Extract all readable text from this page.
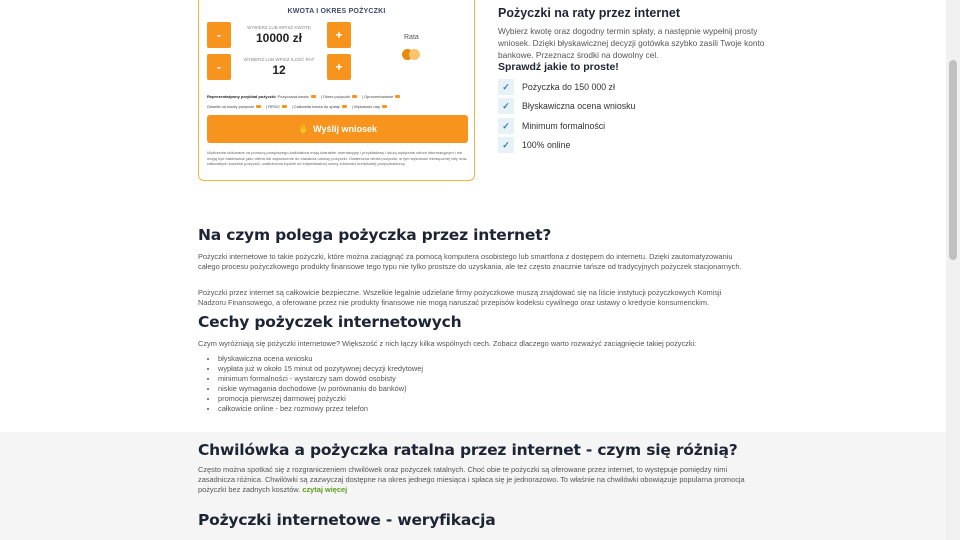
KWOTA I OKRES POŻYCZKI
-
WYBIERZ LUB WPISZ KWOTĘ
10000 zł	+
-
WYBIERZ LUB WPISZ ILOŚĆ RAT
12	+
Rata
Reprezentatywny przykład pożyczki: Pożyczana kwota	| Okres pożyczki	| Oprocentowanie
Odsetki od kwoty pożyczki	| RRSO	| Całkowita kwota do spłaty	| Wysokość raty
✋ Wyślij wniosek
Wyliczenia dokonane za pomocą powyższego kalkulatora mają charakter orientacyjny i przykładowy i służą wyłącznie celom informacyjnym i nie mogą być traktowane jako oferta lub zaproszenie do zawarcia umowy pożyczki. Ostateczna oferta pożyczki, w tym wysokość miesięcznej raty oraz całkowitych kosztów pożyczki, uzależniona będzie od indywidualnej oceny zdolności kredytowej pożyczkobiorcy.
Pożyczki na raty przez internet
Wybierz kwotę oraz dogodny termin spłaty, a następnie wypełnij prosty wniosek. Dzięki błyskawicznej decyzji gotówka szybko zasili Twoje konto bankowe. Przeznacz środki na dowolny cel.
Sprawdź jakie to proste!
✓	Pożyczka do 150 000 zł
✓	Błyskawiczna ocena wniosku
✓	Minimum formalności
✓	100% online
Na czym polega pożyczka przez internet?
Pożyczki internetowe to takie pożyczki, które można zaciągnąć za pomocą komputera osobistego lub smartfona z dostępem do internetu. Dzięki zautomatyzowaniu całego procesu pożyczkowego produkty finansowe tego typu nie tylko prostsze do uzyskania, ale też często znacznie tańsze od tradycyjnych pożyczek stacjonarnych.
Pożyczki przez internet są całkowicie bezpieczne. Wszelkie legalnie udzielane firmy pożyczkowe muszą znajdować się na liście instytucji pożyczkowych Komisji Nadzoru Finansowego, a oferowane przez nie produkty finansowe nie mogą naruszać przepisów kodeksu cywilnego oraz ustawy o kredycie konsumenckim.
Cechy pożyczek internetowych
Czym wyróżniają się pożyczki internetowe? Większość z nich łączy kilka wspólnych cech. Zobacz dlaczego warto rozważyć zaciągnięcie takiej pożyczki:
• błyskawiczna ocena wniosku
• wypłata już w około 15 minut od pozytywnej decyzji kredytowej
• minimum formalności - wystarczy sam dowód osobisty
• niskie wymagania dochodowe (w porównaniu do banków)
• promocja pierwszej darmowej pożyczki
• całkowicie online - bez rozmowy przez telefon
Chwilówka a pożyczka ratalna przez internet - czym się różnią?
Często można spotkać się z rozgraniczeniem chwilówek oraz pożyczek ratalnych. Choć obie te pożyczki są oferowane przez internet, to występuje pomiędzy nimi zasadnicza różnica. Chwilówki są zazwyczaj dostępne na okres jednego miesiąca i spłaca się je jednorazowo. To właśnie na chwilówki obowiązuje popularna promocja pożyczki bez żadnych kosztów. czytaj więcej
Pożyczki internetowe - weryfikacja
